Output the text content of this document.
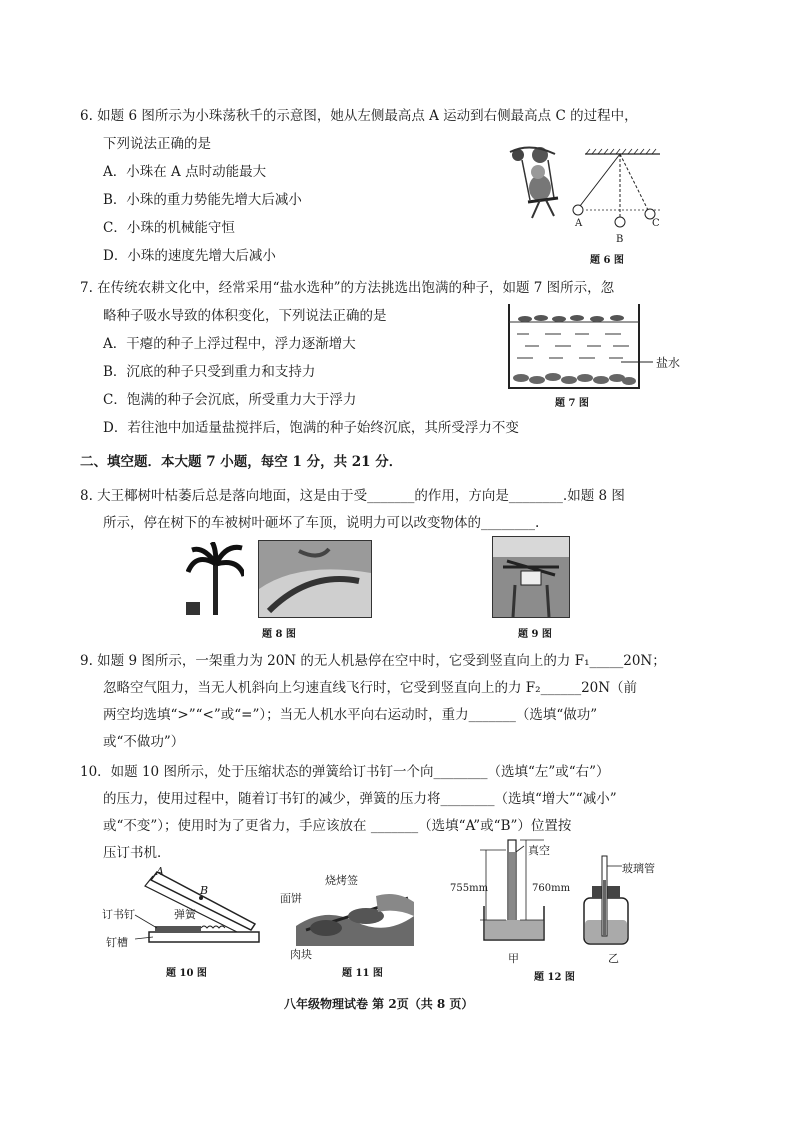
6. 如题 6 图所示为小珠荡秋千的示意图，她从左侧最高点 A 运动到右侧最高点 C 的过程中，
下列说法正确的是
A．小珠在 A 点时动能最大
B．小珠的重力势能先增大后减小
C．小珠的机械能守恒
D．小珠的速度先增大后减小
A
B
C
题 6 图
7. 在传统农耕文化中，经常采用“盐水选种”的方法挑选出饱满的种子，如题 7 图所示，忽
略种子吸水导致的体积变化，下列说法正确的是
A．干瘪的种子上浮过程中，浮力逐渐增大
B．沉底的种子只受到重力和支持力
C．饱满的种子会沉底，所受重力大于浮力
D．若往池中加适量盐搅拌后，饱满的种子始终沉底，其所受浮力不变
盐水
题 7 图
二、填空题．本大题 7 小题，每空 1 分，共 21 分．
8. 大王椰树叶枯萎后总是落向地面，这是由于受_______的作用，方向是________.如题 8 图
所示，停在树下的车被树叶砸坏了车顶，说明力可以改变物体的________.
题 8 图	题 9 图
9. 如题 9 图所示，一架重力为 20N 的无人机悬停在空中时，它受到竖直向上的力 F₁_____20N；
忽略空气阻力，当无人机斜向上匀速直线飞行时，它受到竖直向上的力 F₂______20N（前
两空均选填“>”“<”或“=”）；当无人机水平向右运动时，重力_______（选填“做功”
或“不做功”）
10．如题 10 图所示，处于压缩状态的弹簧给订书钉一个向________（选填“左”或“右”）
的压力，使用过程中，随着订书钉的减少，弹簧的压力将________（选填“增大”“减小”
或“不变”）；使用时为了更省力，手应该放在 _______（选填“A”或“B”）位置按
压订书机．
A
B
订书钉	弹簧
钉槽
题 10 图
面饼
烧烤签
肉块
题 11 图
真空
755mm	760mm
甲
玻璃管
乙
题 12 图
八年级物理试卷 第 2页（共 8 页）
